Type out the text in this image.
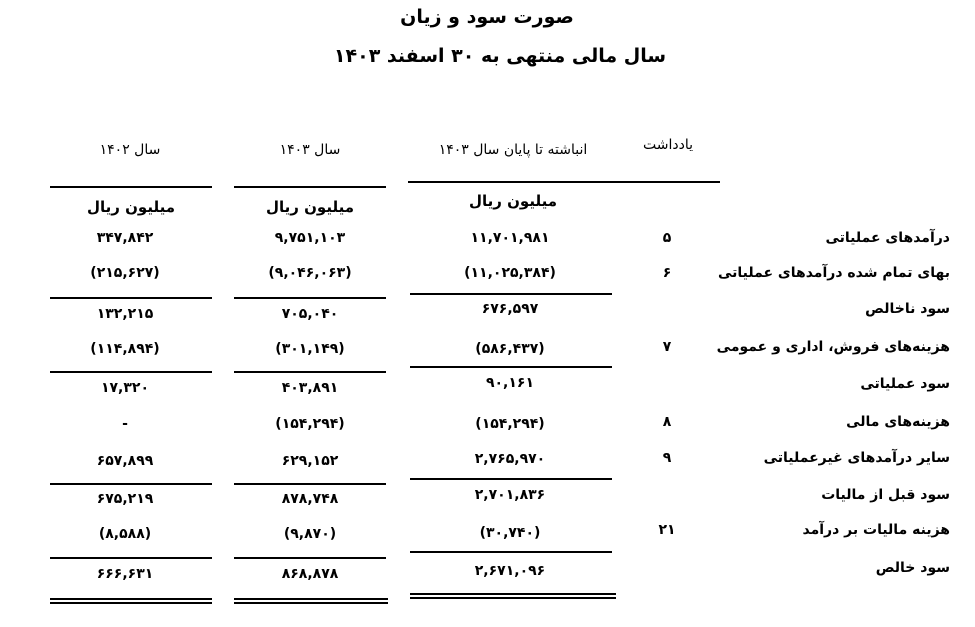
صورت سود و زیان
سال مالی منتهی به ۳۰ اسفند ۱۴۰۳
یادداشت
انباشته تا پایان سال ۱۴۰۳
سال ۱۴۰۳
سال ۱۴۰۲
میلیون ریال
میلیون ریال
میلیون ریال
درآمدهای عملیاتی
۵
۱۱,۷۰۱,۹۸۱
۹,۷۵۱,۱۰۳
۳۴۷,۸۴۲
بهای تمام شده درآمدهای عملیاتی
۶
(۱۱,۰۲۵,۳۸۴)
(۹,۰۴۶,۰۶۳)
(۲۱۵,۶۲۷)
سود ناخالص
۶۷۶,۵۹۷
۷۰۵,۰۴۰
۱۳۲,۲۱۵
هزینه‌های فروش، اداری و عمومی
۷
(۵۸۶,۴۳۷)
(۳۰۱,۱۴۹)
(۱۱۴,۸۹۴)
سود عملیاتی
۹۰,۱۶۱
۴۰۳,۸۹۱
۱۷,۳۲۰
هزینه‌های مالی
۸
(۱۵۴,۲۹۴)
(۱۵۴,۲۹۴)
-
سایر درآمدهای غیرعملیاتی
۹
۲,۷۶۵,۹۷۰
۶۲۹,۱۵۲
۶۵۷,۸۹۹
سود قبل از مالیات
۲,۷۰۱,۸۳۶
۸۷۸,۷۴۸
۶۷۵,۲۱۹
هزینه مالیات بر درآمد
۲۱
(۳۰,۷۴۰)
(۹,۸۷۰)
(۸,۵۸۸)
سود خالص
۲,۶۷۱,۰۹۶
۸۶۸,۸۷۸
۶۶۶,۶۳۱
